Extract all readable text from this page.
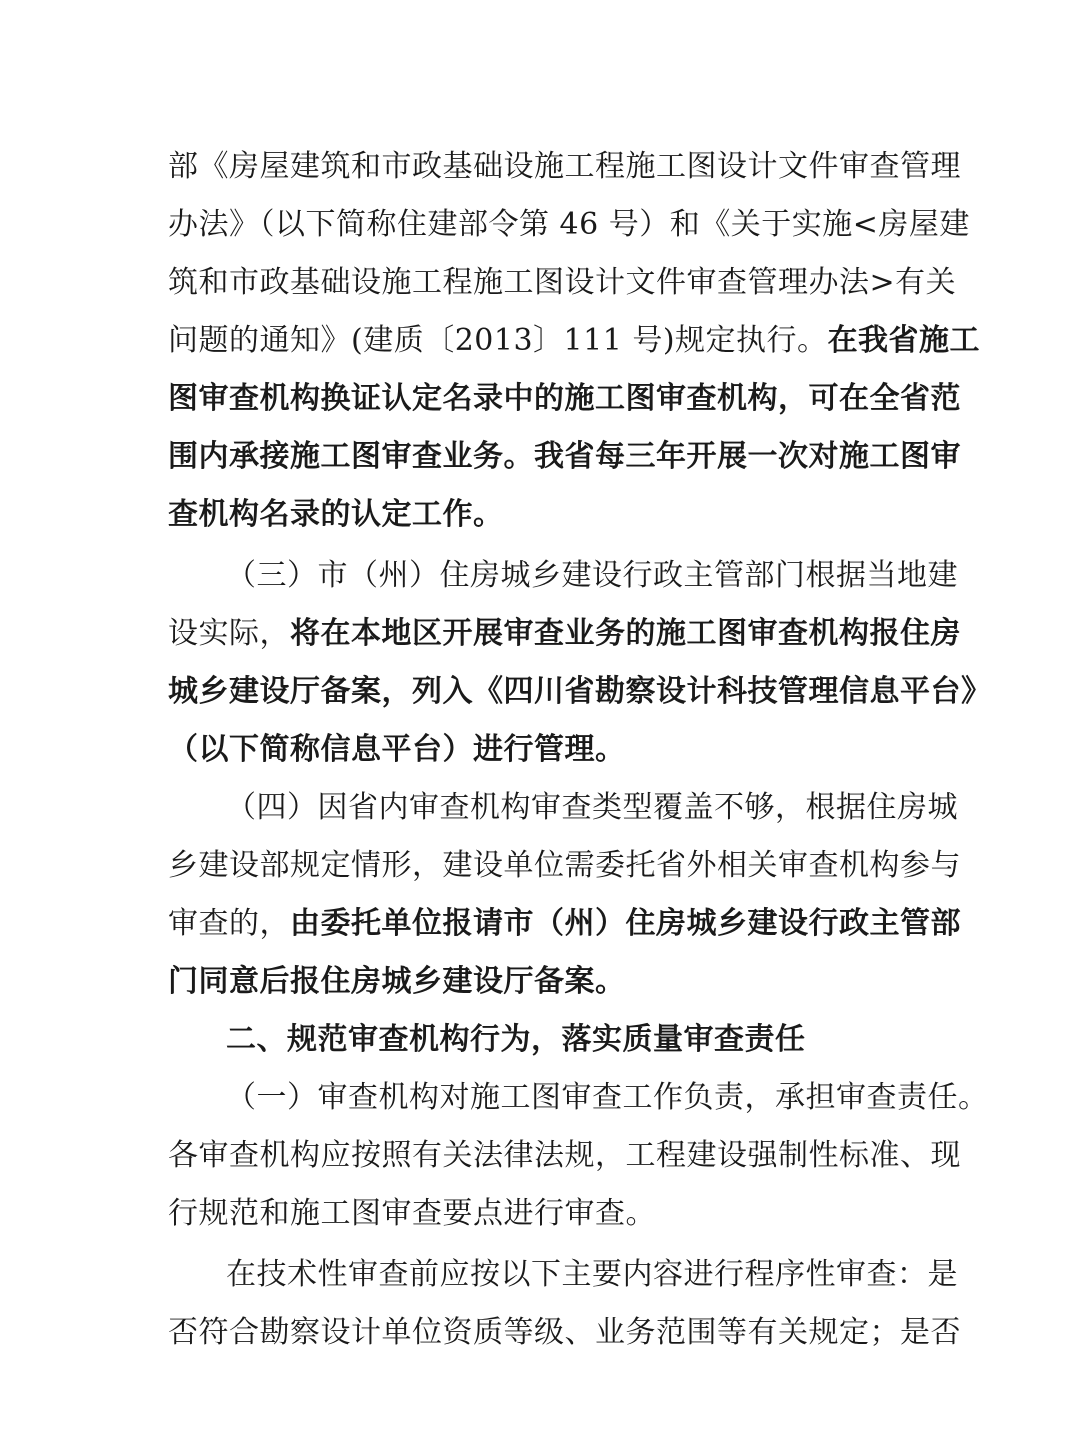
部《房屋建筑和市政基础设施工程施工图设计文件审查管理
办法》（以下简称住建部令第 46 号）和《关于实施<房屋建
筑和市政基础设施工程施工图设计文件审查管理办法>有关
问题的通知》(建质〔2013〕111 号)规定执行。在我省施工
图审查机构换证认定名录中的施工图审查机构，可在全省范
围内承接施工图审查业务。我省每三年开展一次对施工图审
查机构名录的认定工作。
（三）市（州）住房城乡建设行政主管部门根据当地建
设实际，将在本地区开展审查业务的施工图审查机构报住房
城乡建设厅备案，列入《四川省勘察设计科技管理信息平台》
（以下简称信息平台）进行管理。
（四）因省内审查机构审查类型覆盖不够，根据住房城
乡建设部规定情形，建设单位需委托省外相关审查机构参与
审查的，由委托单位报请市（州）住房城乡建设行政主管部
门同意后报住房城乡建设厅备案。
二、规范审查机构行为，落实质量审查责任
（一）审查机构对施工图审查工作负责，承担审查责任。
各审查机构应按照有关法律法规，工程建设强制性标准、现
行规范和施工图审查要点进行审查。
在技术性审查前应按以下主要内容进行程序性审查：是
否符合勘察设计单位资质等级、业务范围等有关规定；是否
